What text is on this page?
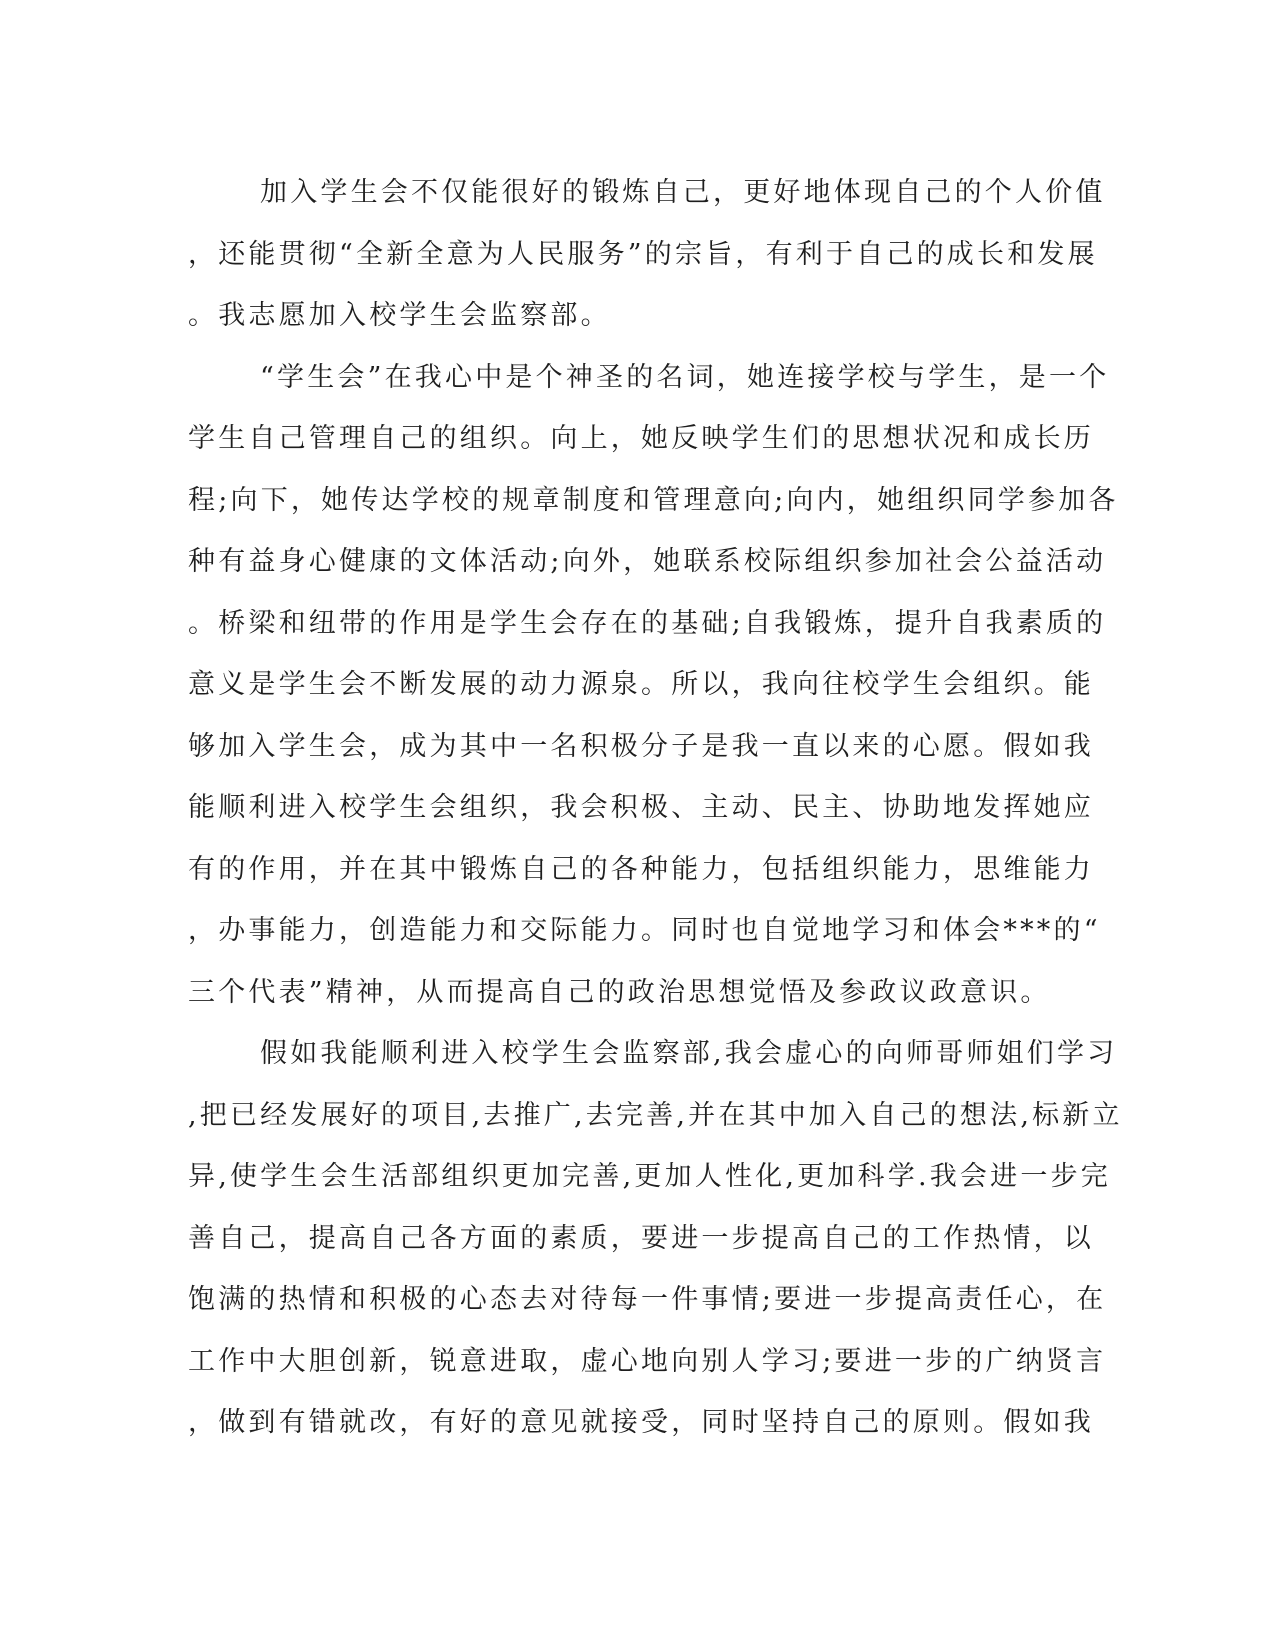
加入学生会不仅能很好的锻炼自己，更好地体现自己的个人价值
，还能贯彻“全新全意为人民服务”的宗旨，有利于自己的成长和发展
。我志愿加入校学生会监察部。
“学生会”在我心中是个神圣的名词，她连接学校与学生，是一个
学生自己管理自己的组织。向上，她反映学生们的思想状况和成长历
程;向下，她传达学校的规章制度和管理意向;向内，她组织同学参加各
种有益身心健康的文体活动;向外，她联系校际组织参加社会公益活动
。桥梁和纽带的作用是学生会存在的基础;自我锻炼，提升自我素质的
意义是学生会不断发展的动力源泉。所以，我向往校学生会组织。能
够加入学生会，成为其中一名积极分子是我一直以来的心愿。假如我
能顺利进入校学生会组织，我会积极、主动、民主、协助地发挥她应
有的作用，并在其中锻炼自己的各种能力，包括组织能力，思维能力
，办事能力，创造能力和交际能力。同时也自觉地学习和体会***的“
三个代表”精神，从而提高自己的政治思想觉悟及参政议政意识。
假如我能顺利进入校学生会监察部,我会虚心的向师哥师姐们学习
,把已经发展好的项目,去推广,去完善,并在其中加入自己的想法,标新立
异,使学生会生活部组织更加完善,更加人性化,更加科学.我会进一步完
善自己，提高自己各方面的素质，要进一步提高自己的工作热情，以
饱满的热情和积极的心态去对待每一件事情;要进一步提高责任心，在
工作中大胆创新，锐意进取，虚心地向别人学习;要进一步的广纳贤言
，做到有错就改，有好的意见就接受，同时坚持自己的原则。假如我
